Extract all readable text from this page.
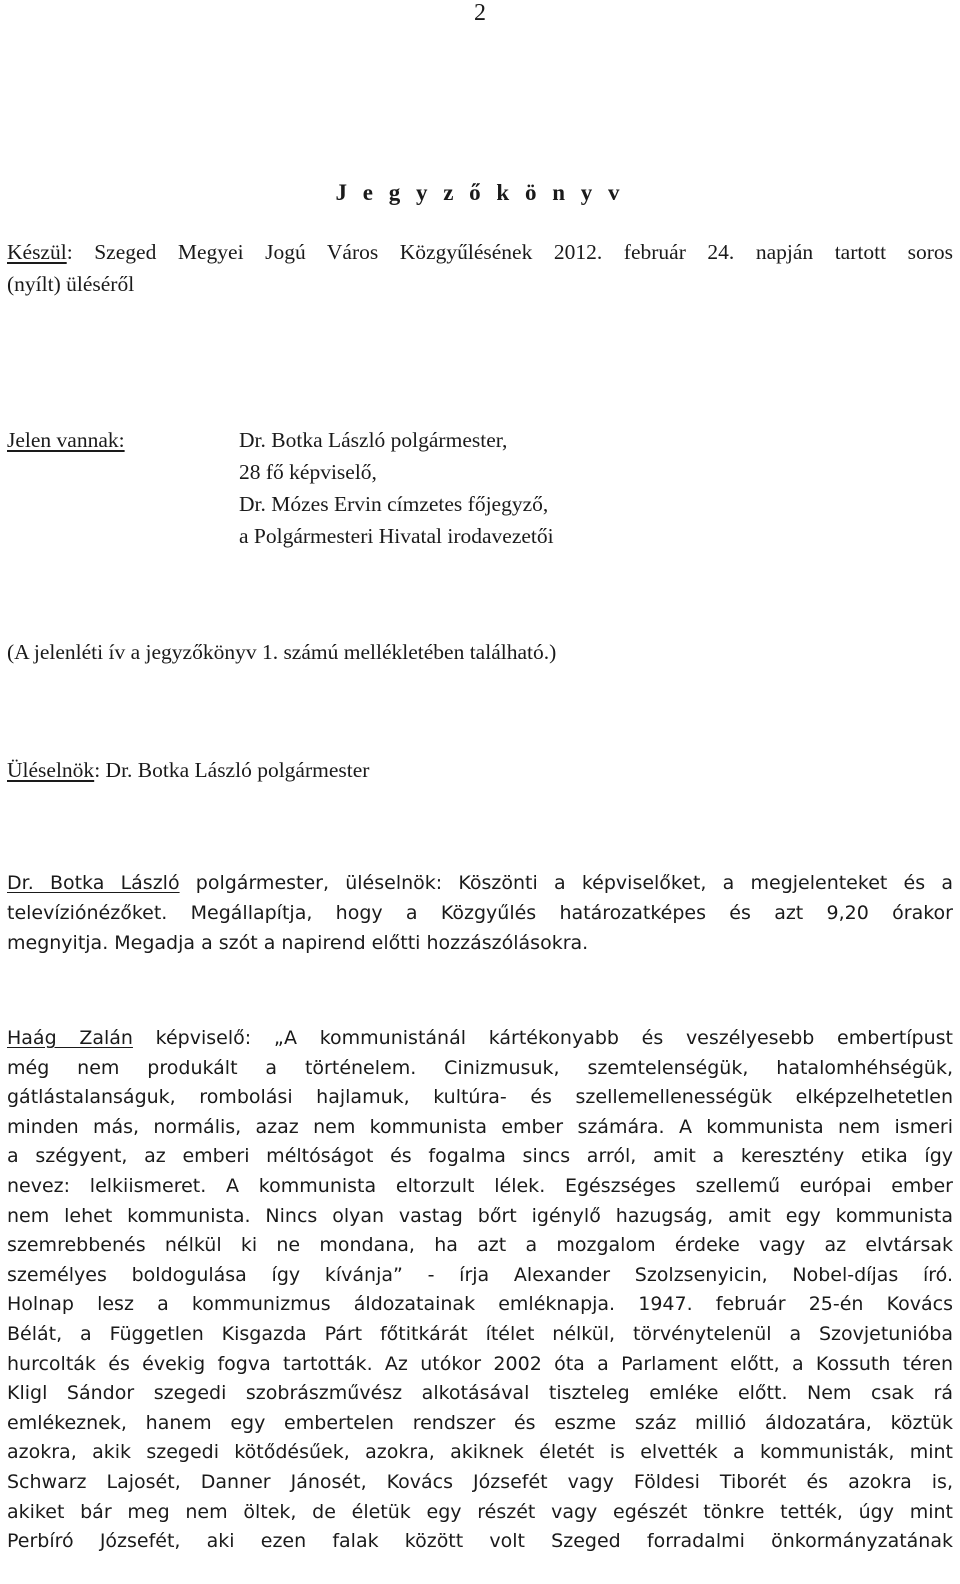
2
J e g y z ő k ö n y v
Készül: Szeged Megyei Jogú Város Közgyűlésének 2012. február 24. napján tartott soros
(nyílt) üléséről
Jelen vannak:	Dr. Botka László polgármester,
28 fő képviselő,
Dr. Mózes Ervin címzetes főjegyző,
a Polgármesteri Hivatal irodavezetői
(A jelenléti ív a jegyzőkönyv 1. számú mellékletében található.)
Üléselnök: Dr. Botka László polgármester
Dr. Botka László polgármester, üléselnök: Köszönti a képviselőket, a megjelenteket és a
televíziónézőket. Megállapítja, hogy a Közgyűlés határozatképes és azt 9,20 órakor
megnyitja. Megadja a szót a napirend előtti hozzászólásokra.
Haág Zalán képviselő: „A kommunistánál kártékonyabb és veszélyesebb embertípust
még nem produkált a történelem. Cinizmusuk, szemtelenségük, hatalomhéhségük,
gátlástalanságuk, rombolási hajlamuk, kultúra- és szellemellenességük elképzelhetetlen
minden más, normális, azaz nem kommunista ember számára. A kommunista nem ismeri
a szégyent, az emberi méltóságot és fogalma sincs arról, amit a keresztény etika így
nevez: lelkiismeret. A kommunista eltorzult lélek. Egészséges szellemű európai ember
nem lehet kommunista. Nincs olyan vastag bőrt igénylő hazugság, amit egy kommunista
szemrebbenés nélkül ki ne mondana, ha azt a mozgalom érdeke vagy az elvtársak
személyes boldogulása így kívánja” - írja Alexander Szolzsenyicin, Nobel-díjas író.
Holnap lesz a kommunizmus áldozatainak emléknapja. 1947. február 25-én Kovács
Bélát, a Független Kisgazda Párt főtitkárát ítélet nélkül, törvénytelenül a Szovjetunióba
hurcolták és évekig fogva tartották. Az utókor 2002 óta a Parlament előtt, a Kossuth téren
Kligl Sándor szegedi szobrászművész alkotásával tiszteleg emléke előtt. Nem csak rá
emlékeznek, hanem egy embertelen rendszer és eszme száz millió áldozatára, köztük
azokra, akik szegedi kötődésűek, azokra, akiknek életét is elvették a kommunisták, mint
Schwarz Lajosét, Danner Jánosét, Kovács Józsefét vagy Földesi Tiborét és azokra is,
akiket bár meg nem öltek, de életük egy részét vagy egészét tönkre tették, úgy mint
Perbíró Józsefét, aki ezen falak között volt Szeged forradalmi önkormányzatának
